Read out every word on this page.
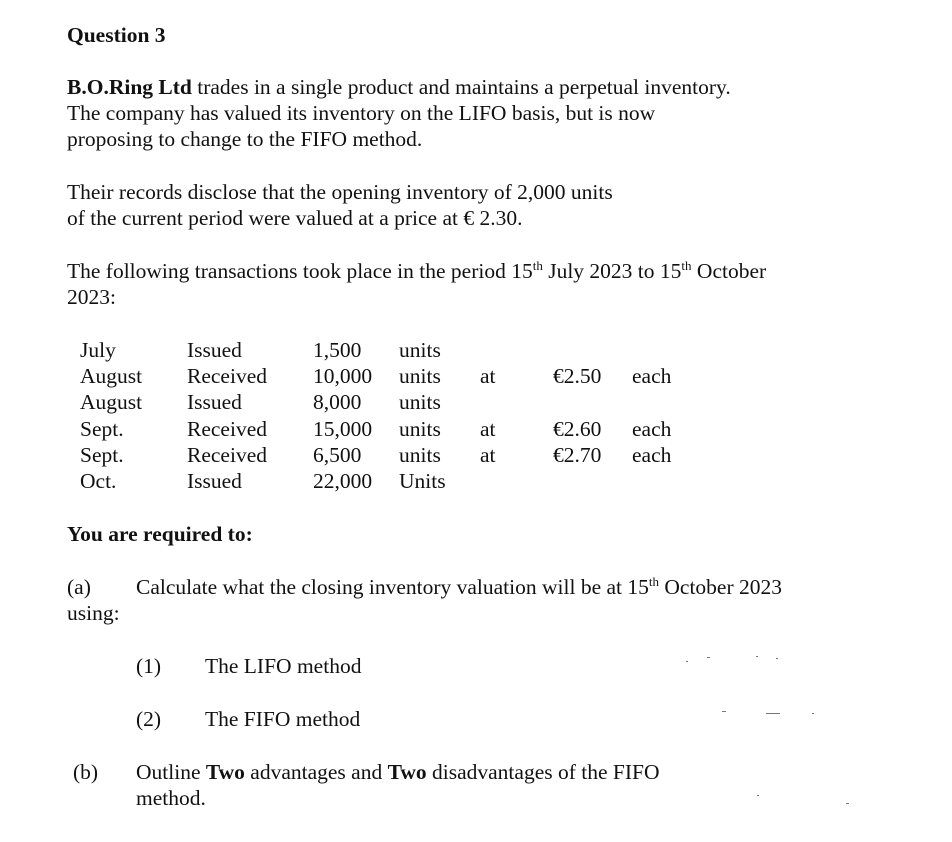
Question 3
B.O.Ring Ltd trades in a single product and maintains a perpetual inventory.
The company has valued its inventory on the LIFO basis, but is now
proposing to change to the FIFO method.
Their records disclose that the opening inventory of 2,000 units
of the current period were valued at a price at € 2.30.
The following transactions took place in the period 15th July 2023 to 15th October
2023:
July	Issued	1,500 units
August Received 10,000 units at	€2.50 each
August Issued	8,000 units
Sept.	Received 15,000 units at	€2.60 each
Sept.	Received 6,500 units at	€2.70 each
Oct.	Issued	22,000 Units
You are required to:
(a) Calculate what the closing inventory valuation will be at 15th October 2023
using:
(1) The LIFO method
(2) The FIFO method
(b) Outline Two advantages and Two disadvantages of the FIFO
method.
